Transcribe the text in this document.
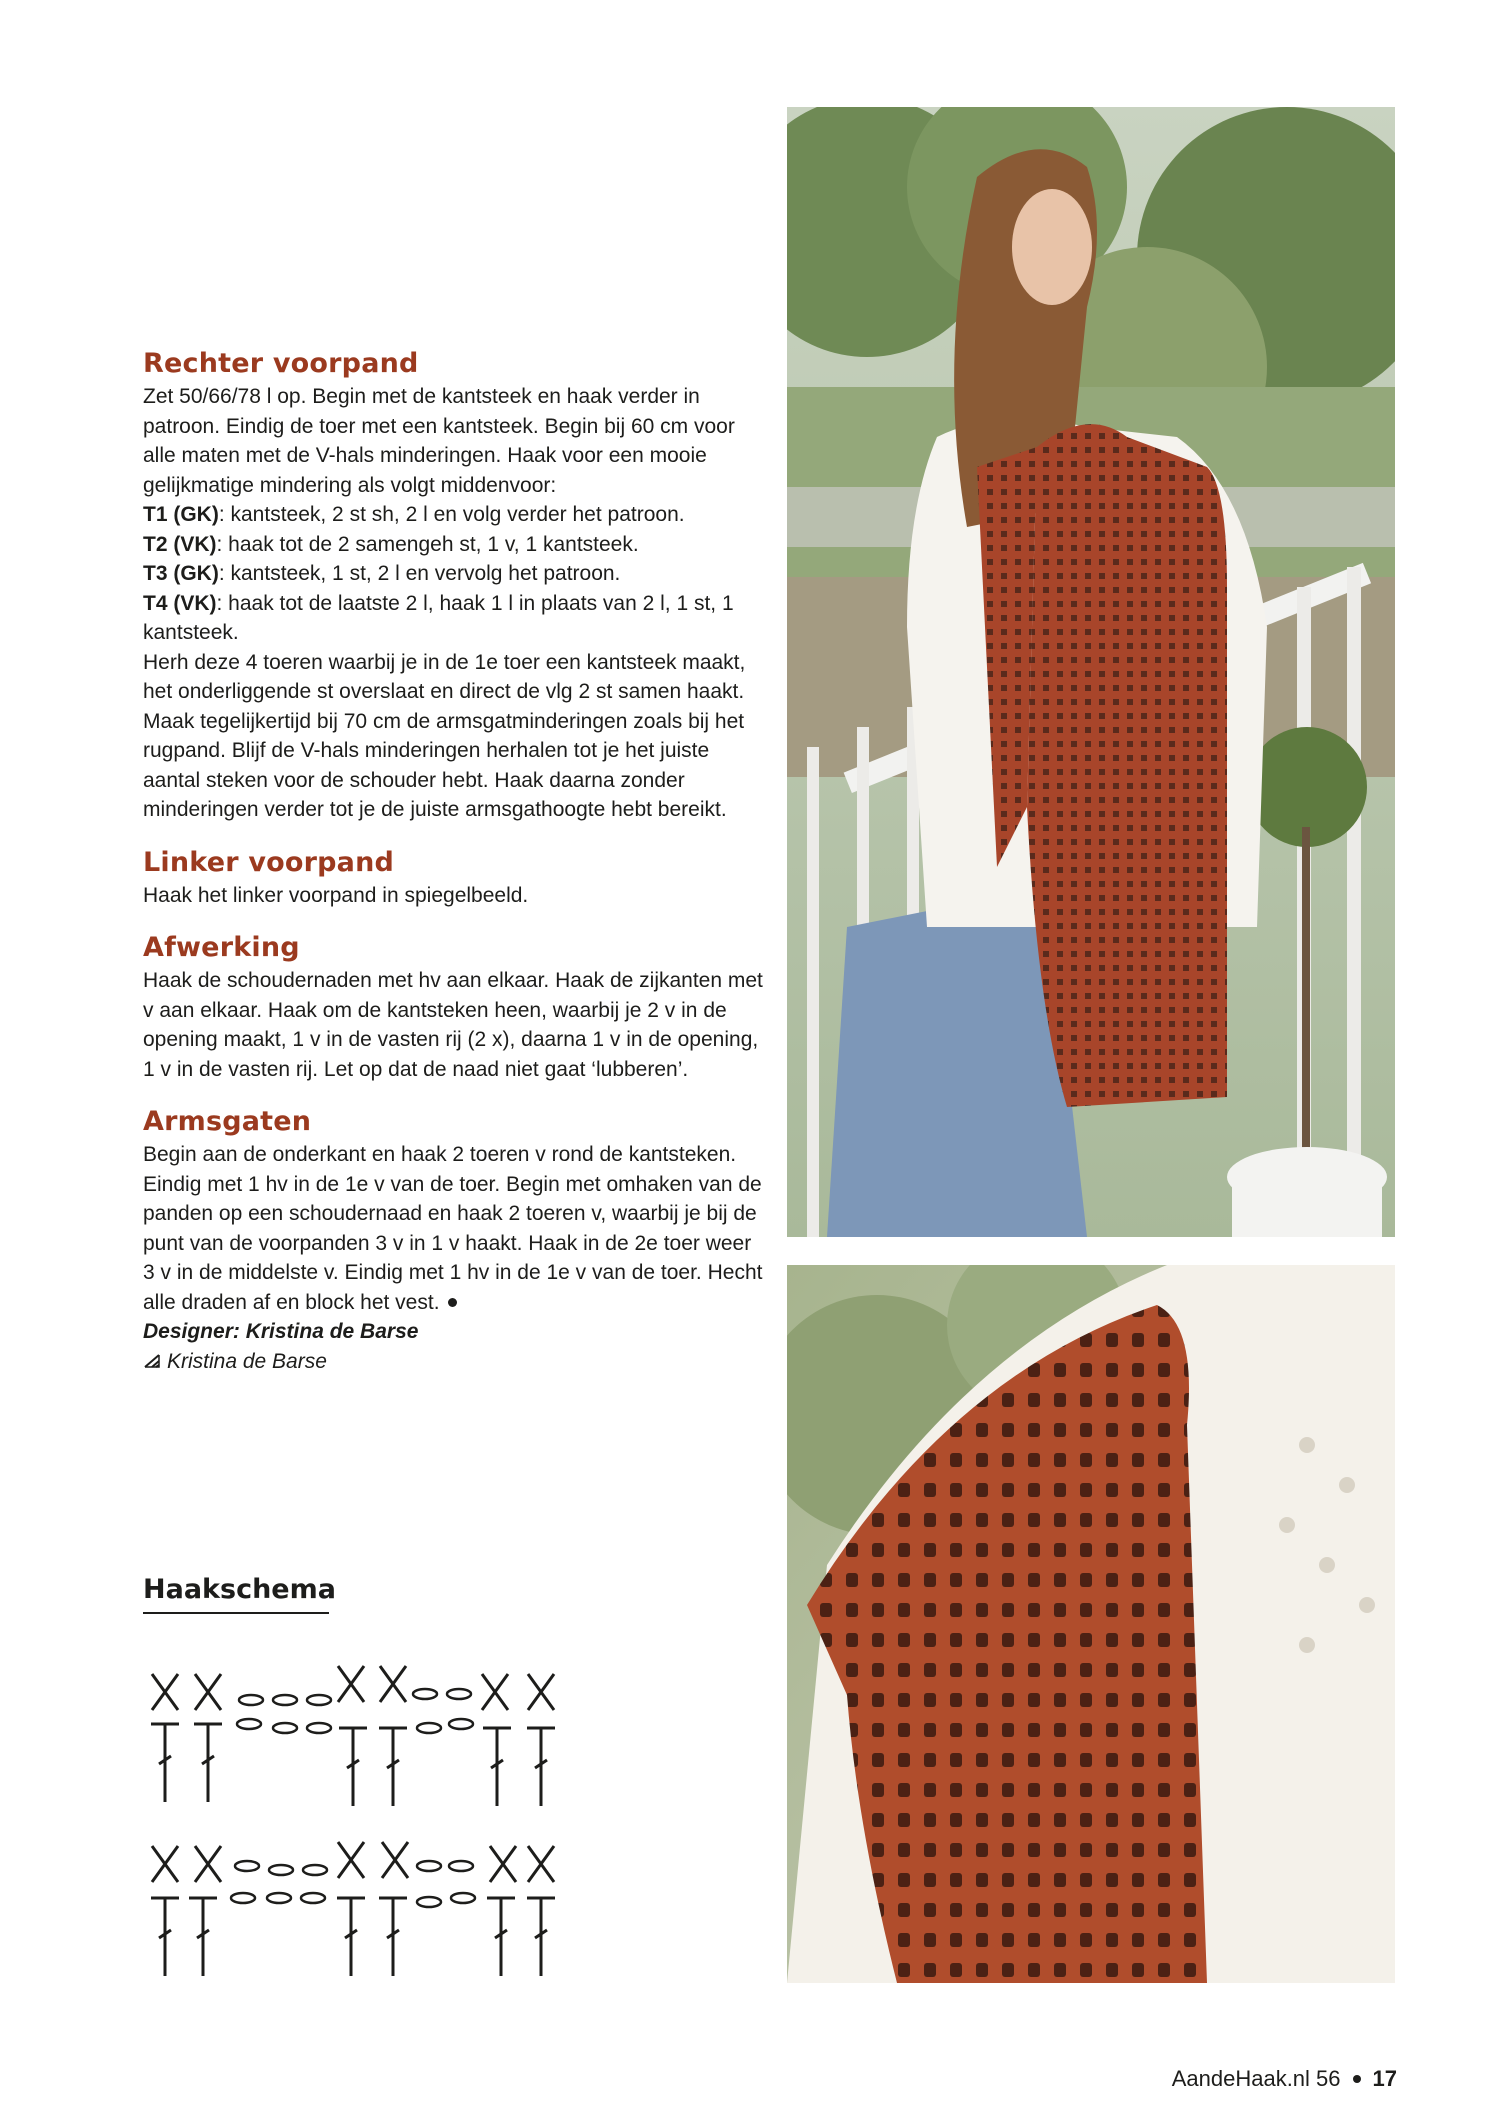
Rechter voorpand

Zet 50/66/78 l op. Begin met de kantsteek en haak verder in patroon. Eindig de toer met een kantsteek. Begin bij 60 cm voor alle maten met de V-hals minderingen. Haak voor een mooie gelijkmatige mindering als volgt middenvoor:

T1 (GK): kantsteek, 2 st sh, 2 l en volg verder het patroon.

T2 (VK): haak tot de 2 samengeh st, 1 v, 1 kantsteek.

T3 (GK): kantsteek, 1 st, 2 l en vervolg het patroon.

T4 (VK): haak tot de laatste 2 l, haak 1 l in plaats van 2 l, 1 st, 1 kantsteek.

Herh deze 4 toeren waarbij je in de 1e toer een kantsteek maakt, het onderliggende st overslaat en direct de vlg 2 st samen haakt. Maak tegelijkertijd bij 70 cm de armsgatminderingen zoals bij het rugpand. Blijf de V-hals minderingen herhalen tot je het juiste aantal steken voor de schouder hebt. Haak daarna zonder minderingen verder tot je de juiste armsgathoogte hebt bereikt.

Linker voorpand

Haak het linker voorpand in spiegelbeeld.

Afwerking

Haak de schoudernaden met hv aan elkaar. Haak de zijkanten met v aan elkaar. Haak om de kantsteken heen, waarbij je 2 v in de opening maakt, 1 v in de vasten rij (2 x), daarna 1 v in de opening, 1 v in de vasten rij. Let op dat de naad niet gaat ‘lubberen’.

Armsgaten

Begin aan de onderkant en haak 2 toeren v rond de kantsteken. Eindig met 1 hv in de 1e v van de toer. Begin met omhaken van de panden op een schoudernaad en haak 2 toeren v, waarbij je bij de punt van de voorpanden 3 v in 1 v haakt. Haak in de 2e toer weer 3 v in de middelste v. Eindig met 1 hv in de 1e v van de toer. Hecht alle draden af en block het vest.

Designer: Kristina de Barse

Kristina de Barse

Haakschema
AandeHaak.nl 56 17
